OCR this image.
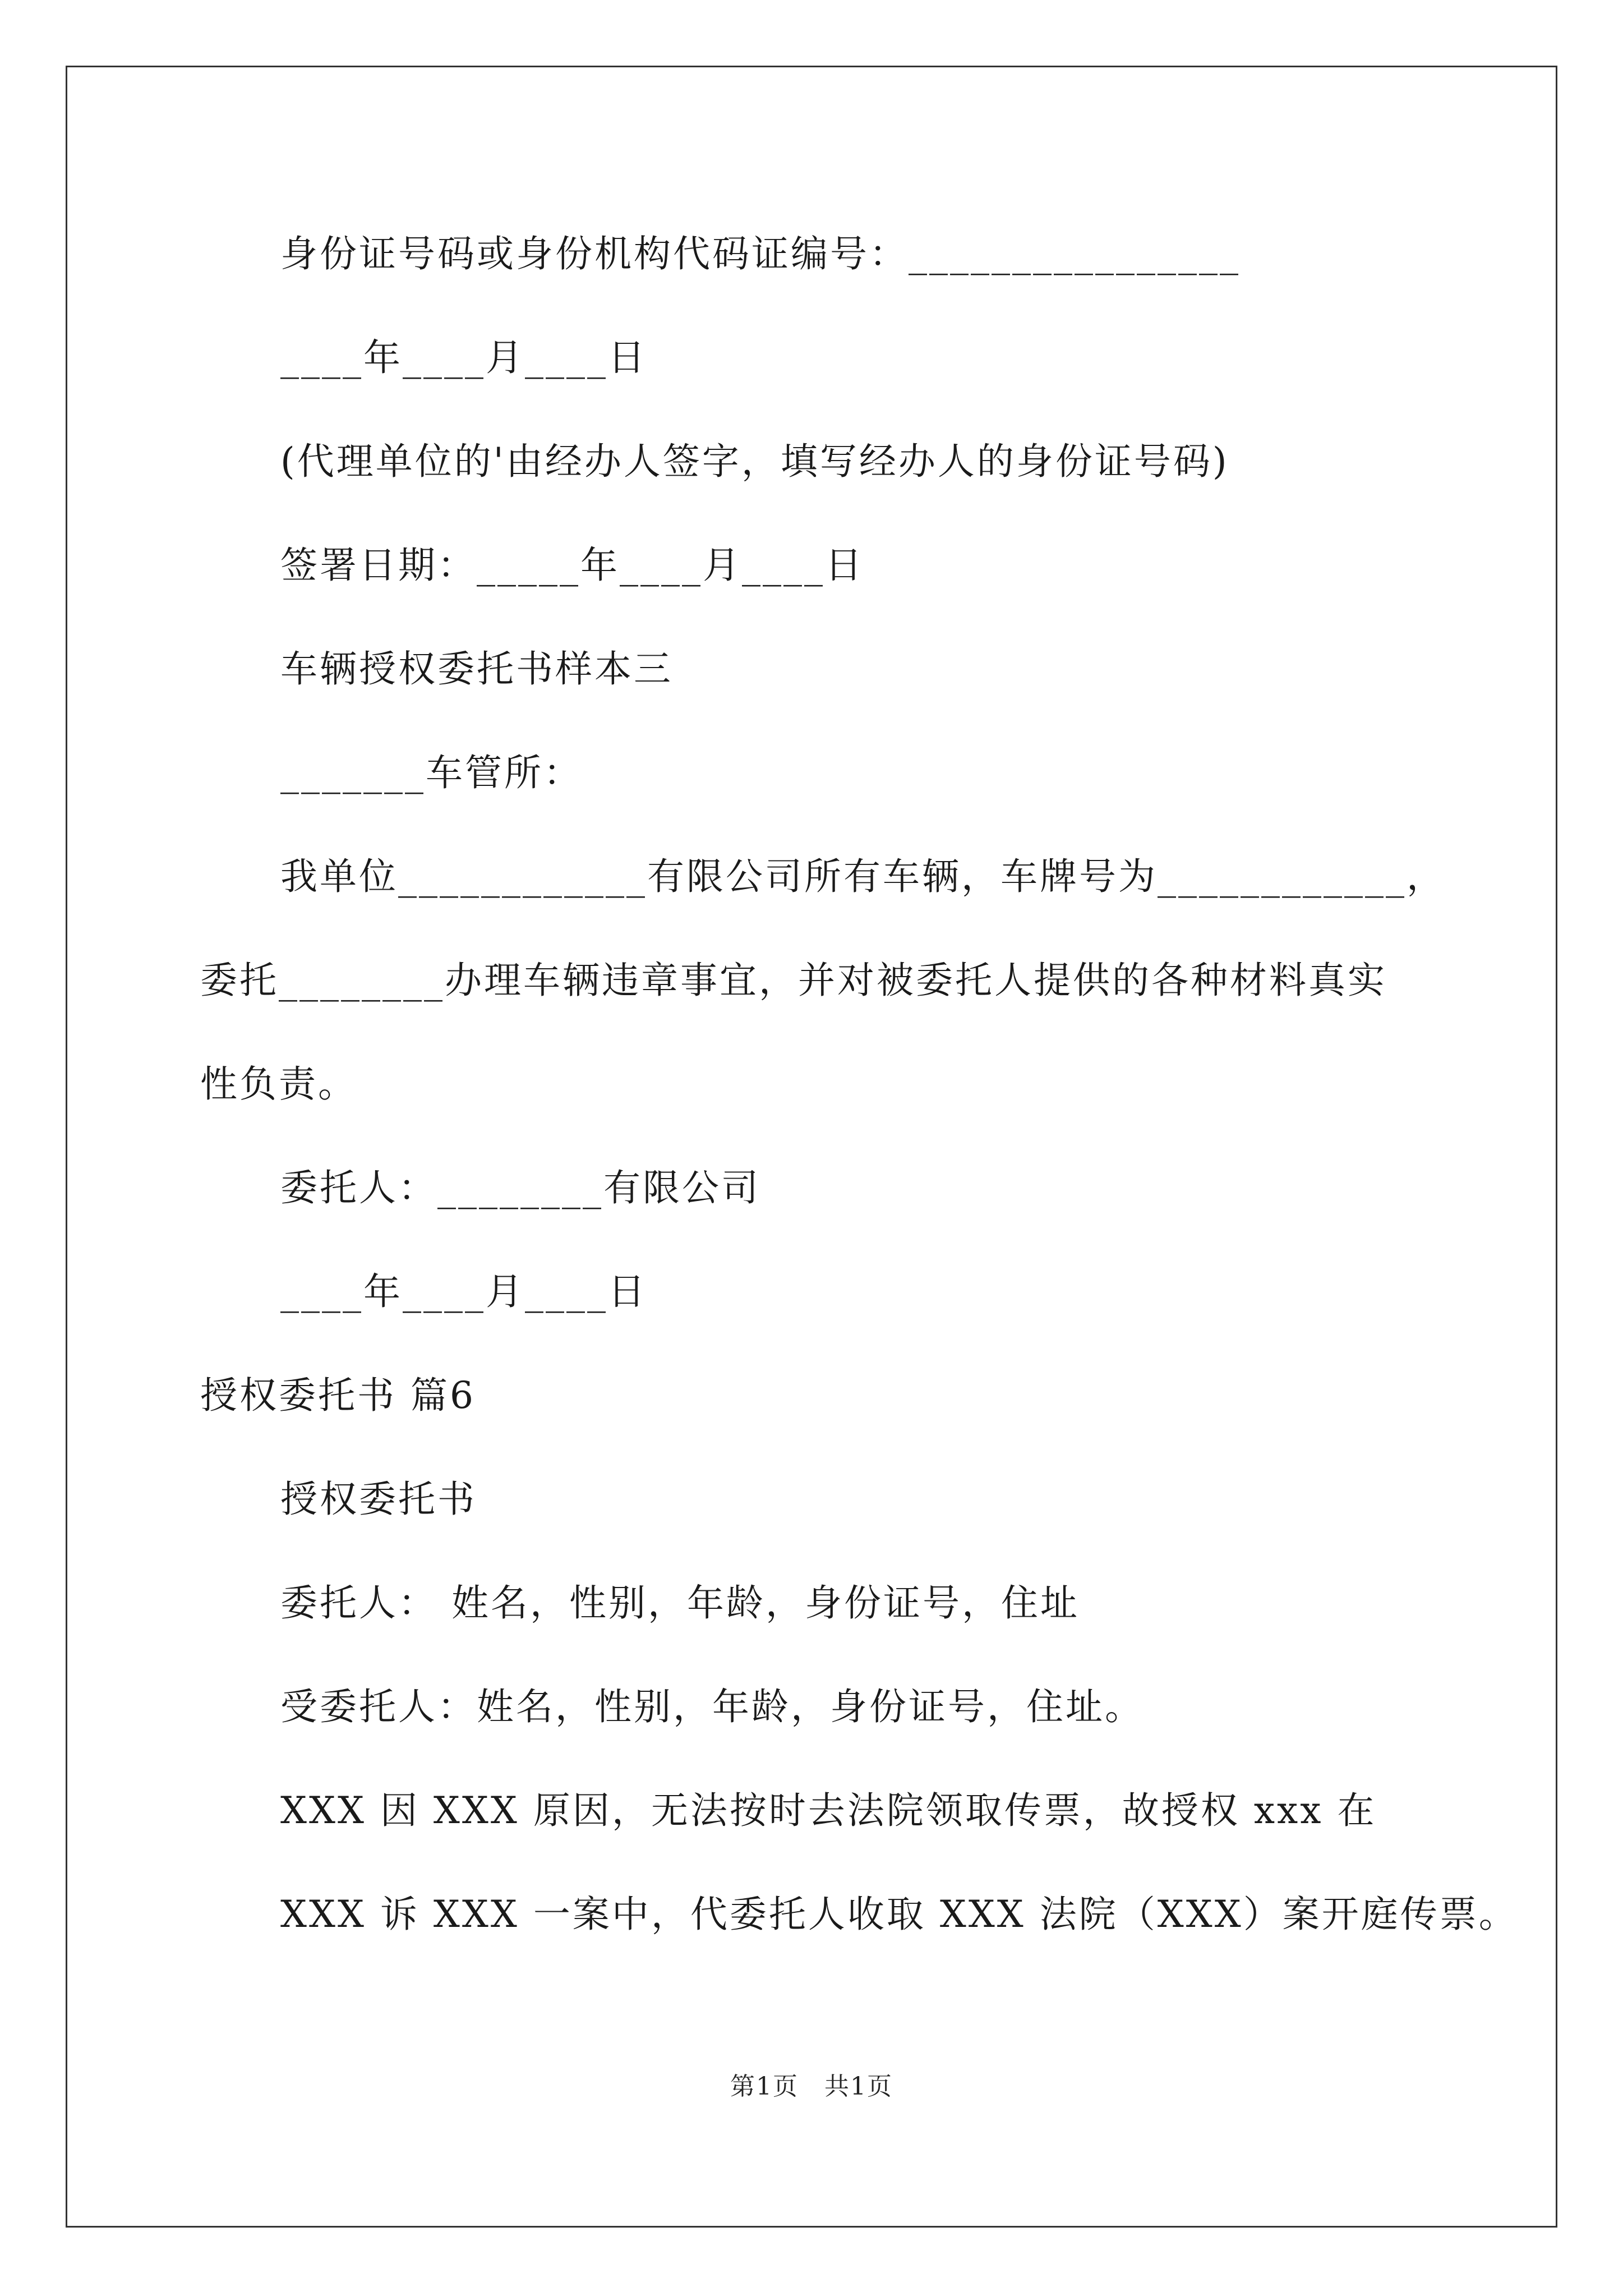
身份证号码或身份机构代码证编号：________________
____年____月____日
(代理单位的'由经办人签字，填写经办人的身份证号码)
签署日期：_____年____月____日
车辆授权委托书样本三
_______车管所：
我单位____________有限公司所有车辆，车牌号为____________，
委托________办理车辆违章事宜，并对被委托人提供的各种材料真实
性负责。
委托人：________有限公司
____年____月____日
授权委托书 篇6
授权委托书
委托人： 姓名，性别，年龄，身份证号，住址
受委托人：姓名，性别，年龄，身份证号，住址。
XXX 因 XXX 原因，无法按时去法院领取传票，故授权 xxx 在
XXX 诉 XXX 一案中，代委托人收取 XXX 法院（XXX）案开庭传票。
第1页　共1页
